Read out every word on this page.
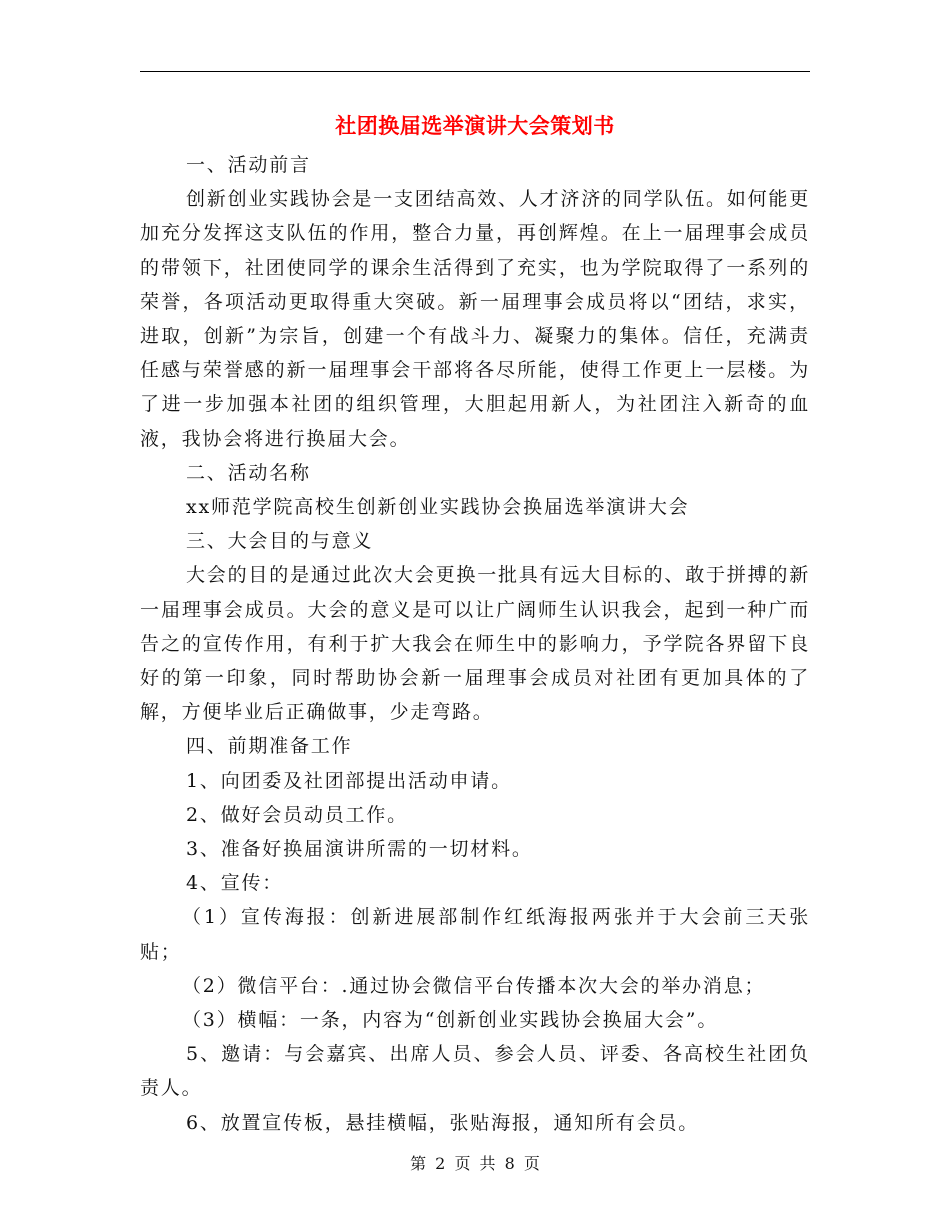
社团换届选举演讲大会策划书

一、活动前言

创新创业实践协会是一支团结高效、人才济济的同学队伍。如何能更加充分发挥这支队伍的作用，整合力量，再创辉煌。在上一届理事会成员的带领下，社团使同学的课余生活得到了充实，也为学院取得了一系列的荣誉，各项活动更取得重大突破。新一届理事会成员将以“团结，求实，进取，创新”为宗旨，创建一个有战斗力、凝聚力的集体。信任，充满责任感与荣誉感的新一届理事会干部将各尽所能，使得工作更上一层楼。为了进一步加强本社团的组织管理，大胆起用新人，为社团注入新奇的血液，我协会将进行换届大会。

二、活动名称

xx师范学院高校生创新创业实践协会换届选举演讲大会

三、大会目的与意义

大会的目的是通过此次大会更换一批具有远大目标的、敢于拼搏的新一届理事会成员。大会的意义是可以让广阔师生认识我会，起到一种广而告之的宣传作用，有利于扩大我会在师生中的影响力，予学院各界留下良好的第一印象，同时帮助协会新一届理事会成员对社团有更加具体的了解，方便毕业后正确做事，少走弯路。

四、前期准备工作

1、向团委及社团部提出活动申请。

2、做好会员动员工作。

3、准备好换届演讲所需的一切材料。

4、宣传：

（1）宣传海报：创新进展部制作红纸海报两张并于大会前三天张贴；

（2）微信平台：.通过协会微信平台传播本次大会的举办消息；

（3）横幅：一条，内容为“创新创业实践协会换届大会”。

5、邀请：与会嘉宾、出席人员、参会人员、评委、各高校生社团负责人。

6、放置宣传板，悬挂横幅，张贴海报，通知所有会员。

第 2 页 共 8 页
